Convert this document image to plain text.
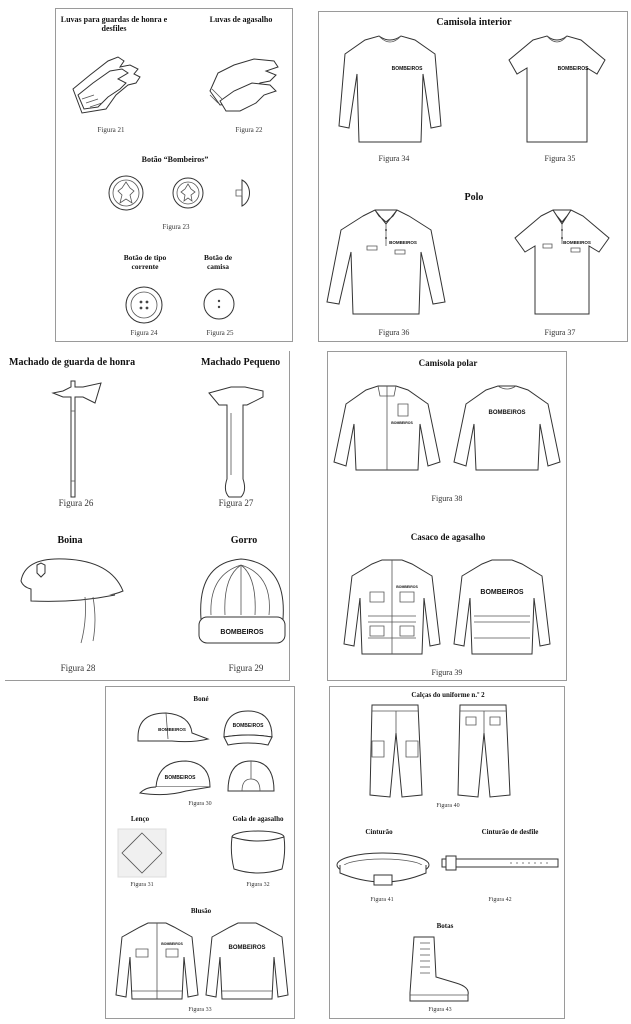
Luvas para guardas de honra e desfiles
Luvas de agasalho
Figura 21	Figura 22
Botão “Bombeiros”
Figura 23
Botão de tipo corrente
Botão de camisa
Figura 24	Figura 25
Camisola interior
BOMBEIROS	BOMBEIROS
Figura 34	Figura 35
Polo
BOMBEIROS	BOMBEIROS
Figura 36	Figura 37
Machado de guarda de honra	Machado Pequeno
Figura 26	Figura 27
Boina	Gorro
BOMBEIROS
Figura 28	Figura 29
Camisola polar
BOMBEIROS
BOMBEIROS
Figura 38
Casaco de agasalho
BOMBEIROS
BOMBEIROS
Figura 39
Boné
BOMBEIROS
BOMBEIROS
BOMBEIROS
Figura 30
Lenço	Gola de agasalho
Figura 31	Figura 32
Blusão
BOMBEIROS
BOMBEIROS
Figura 33
Calças do uniforme n.º 2
Figura 40
Cinturão	Cinturão de desfile
Figura 41	Figura 42
Botas
Figura 43
